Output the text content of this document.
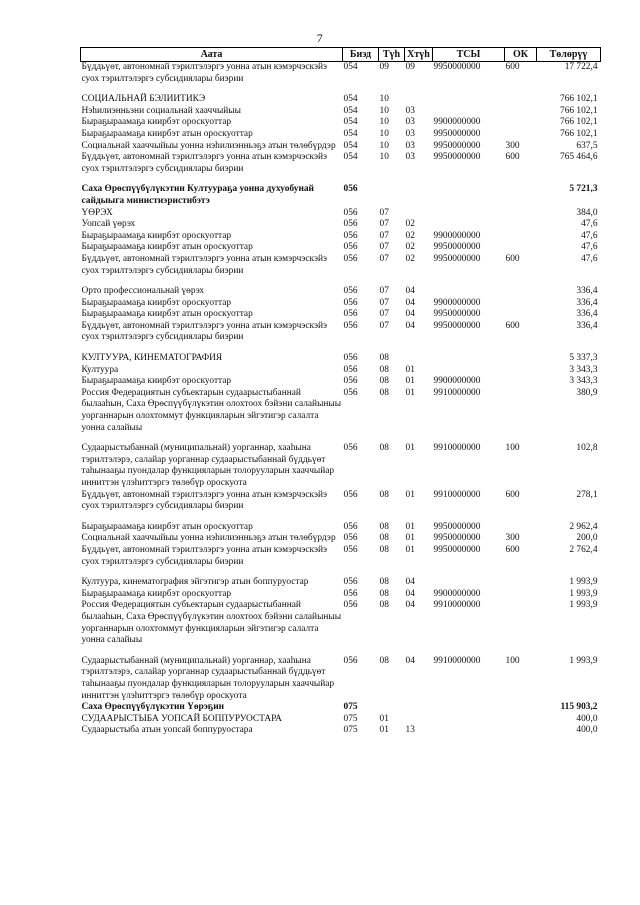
7
Аата	Биэд	Түһ	Хтүһ	ТСЫ	ОК	Төлөрүү
Бүддьүөт, автономнай тэрилтэлэргэ уонна атын кэмэрчэскэйэ суох тэрилтэлэргэ субсидиялары биэрии	054	09	09	9950000000	600	17 722,4

СОЦИАЛЬНАЙ БЭЛИИТИКЭ	054	10				766 102,1
Нэһилиэнньэни социальнай хааччыйыы	054	10	03			766 102,1
Быраҕыраамаҕа киирбэт ороскуоттар	054	10	03	9900000000		766 102,1
Быраҕыраамаҕа киирбэт атын ороскуоттар	054	10	03	9950000000		766 102,1
Социальнай хааччыйыы уонна нэһилиэнньэҕэ атын төлөбүрдэр	054	10	03	9950000000	300	637,5
Бүддьүөт, автономнай тэрилтэлэргэ уонна атын кэмэрчэскэйэ суох тэрилтэлэргэ субсидиялары биэрии	054	10	03	9950000000	600	765 464,6

Саха Өрөспүүбүлүкэтин Култуураҕа уонна духуобунай сайдыыга министиэристибэтэ	056					5 721,3
ҮӨРЭХ	056	07				384,0
Уопсай үөрэх	056	07	02			47,6
Быраҕыраамаҕа киирбэт ороскуоттар	056	07	02	9900000000		47,6
Быраҕыраамаҕа киирбэт атын ороскуоттар	056	07	02	9950000000		47,6
Бүддьүөт, автономнай тэрилтэлэргэ уонна атын кэмэрчэскэйэ суох тэрилтэлэргэ субсидиялары биэрии	056	07	02	9950000000	600	47,6

Орто профессиональнай үөрэх	056	07	04			336,4
Быраҕыраамаҕа киирбэт ороскуоттар	056	07	04	9900000000		336,4
Быраҕыраамаҕа киирбэт атын ороскуоттар	056	07	04	9950000000		336,4
Бүддьүөт, автономнай тэрилтэлэргэ уонна атын кэмэрчэскэйэ суох тэрилтэлэргэ субсидиялары биэрии	056	07	04	9950000000	600	336,4

КУЛТУУРА, КИНЕМАТОГРАФИЯ	056	08				5 337,3
Култуура	056	08	01			3 343,3
Быраҕыраамаҕа киирбэт ороскуоттар	056	08	01	9900000000		3 343,3
Россия Федерациятын субъектарын судаарыстыбаннай былааһын, Саха Өрөспүүбүлүкэтин олохтоох бэйэни салайыныы уорганнарын олохтоммут функцияларын эйгэтигэр салалта уонна салайыы	056	08	01	9910000000		380,9

Судаарыстыбаннай (муниципальнай) уорганнар, хааһына тэрилтэлэрэ, салайар уорганнар судаарыстыбаннай бүддьүөт таһынааҕы пуондалар функцияларын толорууларын хааччыйар инниттэн үлэһиттэргэ төлөбүр ороскуота	056	08	01	9910000000	100	102,8
Бүддьүөт, автономнай тэрилтэлэргэ уонна атын кэмэрчэскэйэ суох тэрилтэлэргэ субсидиялары биэрии	056	08	01	9910000000	600	278,1

Быраҕыраамаҕа киирбэт атын ороскуоттар	056	08	01	9950000000		2 962,4
Социальнай хааччыйыы уонна нэһилиэнньэҕэ атын төлөбүрдэр	056	08	01	9950000000	300	200,0
Бүддьүөт, автономнай тэрилтэлэргэ уонна атын кэмэрчэскэйэ суох тэрилтэлэргэ субсидиялары биэрии	056	08	01	9950000000	600	2 762,4

Култуура, кинематография эйгэтигэр атын боппуруостар	056	08	04			1 993,9
Быраҕыраамаҕа киирбэт ороскуоттар	056	08	04	9900000000		1 993,9
Россия Федерациятын субъектарын судаарыстыбаннай былааһын, Саха Өрөспүүбүлүкэтин олохтоох бэйэни салайыныы уорганнарын олохтоммут функцияларын эйгэтигэр салалта уонна салайыы	056	08	04	9910000000		1 993,9

Судаарыстыбаннай (муниципальнай) уорганнар, хааһына тэрилтэлэрэ, салайар уорганнар судаарыстыбаннай бүддьүөт таһынааҕы пуондалар функцияларын толорууларын хааччыйар инниттэн үлэһиттэргэ төлөбүр ороскуота	056	08	04	9910000000	100	1 993,9
Саха Өрөспүүбүлүкэтин Үөрэҕин	075					115 903,2
СУДААРЫСТЫБА УОПСАЙ БОППУРУОСТАРА	075	01				400,0
Судаарыстыба атын уопсай боппуруостара	075	01	13			400,0
